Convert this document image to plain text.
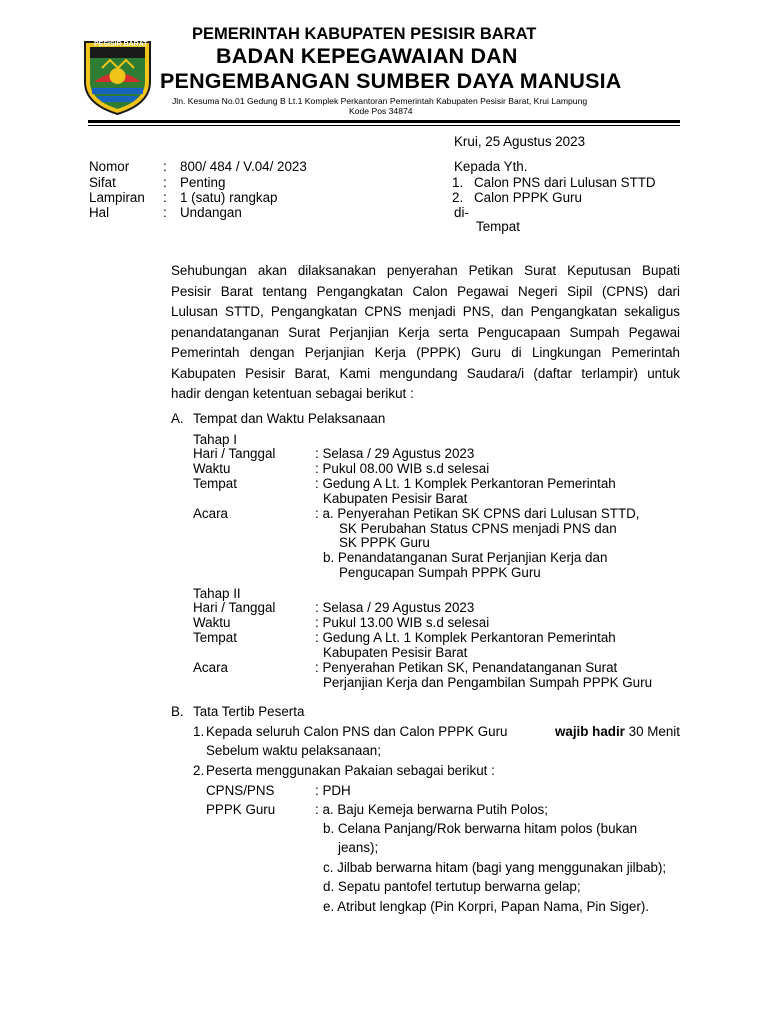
PESISIR BARAT
PEMERINTAH KABUPATEN PESISIR BARAT
BADAN KEPEGAWAIAN DAN
PENGEMBANGAN SUMBER DAYA MANUSIA
Jln. Kesuma No.01 Gedung B Lt.1 Komplek Perkantoran Pemerintah Kabupaten Pesisir Barat, Krui Lampung
Kode Pos 34874
Krui, 25 Agustus 2023
Nomor	: 800/ 484 / V.04/ 2023
Sifat	: Penting
Lampiran : 1 (satu) rangkap
Hal	: Undangan
Kepada Yth.
1. Calon PNS dari Lulusan STTD
2. Calon PPPK Guru
di-
Tempat
Sehubungan akan dilaksanakan penyerahan Petikan Surat Keputusan Bupati
Pesisir Barat tentang Pengangkatan Calon Pegawai Negeri Sipil (CPNS) dari
Lulusan STTD, Pengangkatan CPNS menjadi PNS, dan Pengangkatan sekaligus
penandatanganan Surat Perjanjian Kerja serta Pengucapaan Sumpah Pegawai
Pemerintah dengan Perjanjian Kerja (PPPK) Guru di Lingkungan Pemerintah
Kabupaten Pesisir Barat, Kami mengundang Saudara/i (daftar terlampir) untuk
hadir dengan ketentuan sebagai berikut :
A. Tempat dan Waktu Pelaksanaan
Tahap I
Hari / Tanggal	: Selasa / 29 Agustus 2023
Waktu	: Pukul 08.00 WIB s.d selesai
Tempat	: Gedung A Lt. 1 Komplek Perkantoran Pemerintah
Kabupaten Pesisir Barat
Acara	: a. Penyerahan Petikan SK CPNS dari Lulusan STTD,
SK Perubahan Status CPNS menjadi PNS dan
SK PPPK Guru
b. Penandatanganan Surat Perjanjian Kerja dan
Pengucapan Sumpah PPPK Guru
Tahap II
Hari / Tanggal	: Selasa / 29 Agustus 2023
Waktu	: Pukul 13.00 WIB s.d selesai
Tempat	: Gedung A Lt. 1 Komplek Perkantoran Pemerintah
Kabupaten Pesisir Barat
Acara	: Penyerahan Petikan SK, Penandatanganan Surat
Perjanjian Kerja dan Pengambilan Sumpah PPPK Guru
B. Tata Tertib Peserta
1. Kepada seluruh Calon PNS dan Calon PPPK Guru	wajib hadir 30 Menit
Sebelum waktu pelaksanaan;
2. Peserta menggunakan Pakaian sebagai berikut :
CPNS/PNS	: PDH
PPPK Guru	: a. Baju Kemeja berwarna Putih Polos;
b. Celana Panjang/Rok berwarna hitam polos (bukan
jeans);
c. Jilbab berwarna hitam (bagi yang menggunakan jilbab);
d. Sepatu pantofel tertutup berwarna gelap;
e. Atribut lengkap (Pin Korpri, Papan Nama, Pin Siger).
